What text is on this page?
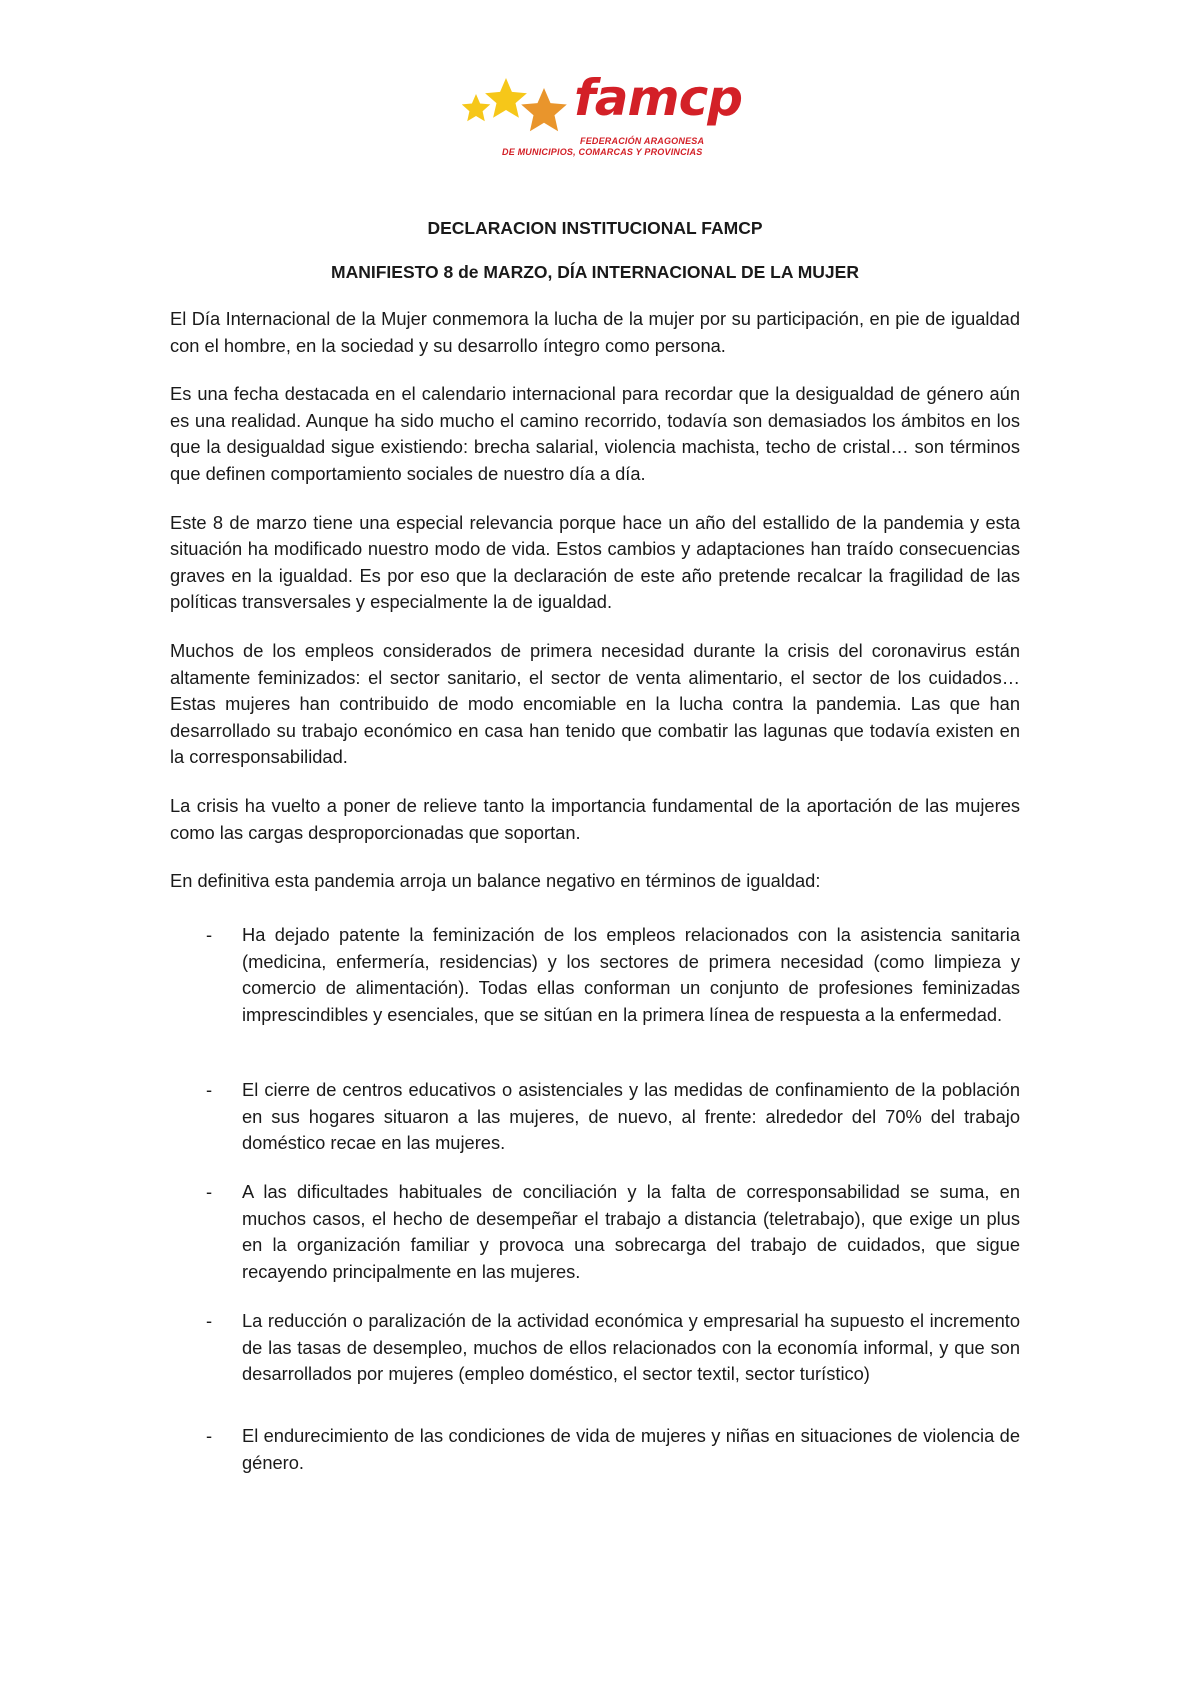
famcp
FEDERACIÓN ARAGONESA
DE MUNICIPIOS, COMARCAS Y PROVINCIAS
DECLARACION INSTITUCIONAL FAMCP
MANIFIESTO 8 de MARZO, DÍA INTERNACIONAL DE LA MUJER

El Día Internacional de la Mujer conmemora la lucha de la mujer por su participación, en pie de igualdad con el hombre, en la sociedad y su desarrollo íntegro como persona.

Es una fecha destacada en el calendario internacional para recordar que la desigualdad de género aún es una realidad. Aunque ha sido mucho el camino recorrido, todavía son demasiados los ámbitos en los que la desigualdad sigue existiendo: brecha salarial, violencia machista, techo de cristal… son términos que definen comportamiento sociales de nuestro día a día.

Este 8 de marzo tiene una especial relevancia porque hace un año del estallido de la pandemia y esta situación ha modificado nuestro modo de vida. Estos cambios y adaptaciones han traído consecuencias graves en la igualdad. Es por eso que la declaración de este año pretende recalcar la fragilidad de las políticas transversales y especialmente la de igualdad.

Muchos de los empleos considerados de primera necesidad durante la crisis del coronavirus están altamente feminizados: el sector sanitario, el sector de venta alimentario, el sector de los cuidados… Estas mujeres han contribuido de modo encomiable en la lucha contra la pandemia. Las que han desarrollado su trabajo económico en casa han tenido que combatir las lagunas que todavía existen en la corresponsabilidad.

La crisis ha vuelto a poner de relieve tanto la importancia fundamental de la aportación de las mujeres como las cargas desproporcionadas que soportan.

En definitiva esta pandemia arroja un balance negativo en términos de igualdad:

- Ha dejado patente la feminización de los empleos relacionados con la asistencia sanitaria (medicina, enfermería, residencias) y los sectores de primera necesidad (como limpieza y comercio de alimentación). Todas ellas conforman un conjunto de profesiones feminizadas imprescindibles y esenciales, que se sitúan en la primera línea de respuesta a la enfermedad.
- El cierre de centros educativos o asistenciales y las medidas de confinamiento de la población en sus hogares situaron a las mujeres, de nuevo, al frente: alrededor del 70% del trabajo doméstico recae en las mujeres.
- A las dificultades habituales de conciliación y la falta de corresponsabilidad se suma, en muchos casos, el hecho de desempeñar el trabajo a distancia (teletrabajo), que exige un plus en la organización familiar y provoca una sobrecarga del trabajo de cuidados, que sigue recayendo principalmente en las mujeres.
- La reducción o paralización de la actividad económica y empresarial ha supuesto el incremento de las tasas de desempleo, muchos de ellos relacionados con la economía informal, y que son desarrollados por mujeres (empleo doméstico, el sector textil, sector turístico)
- El endurecimiento de las condiciones de vida de mujeres y niñas en situaciones de violencia de género.
